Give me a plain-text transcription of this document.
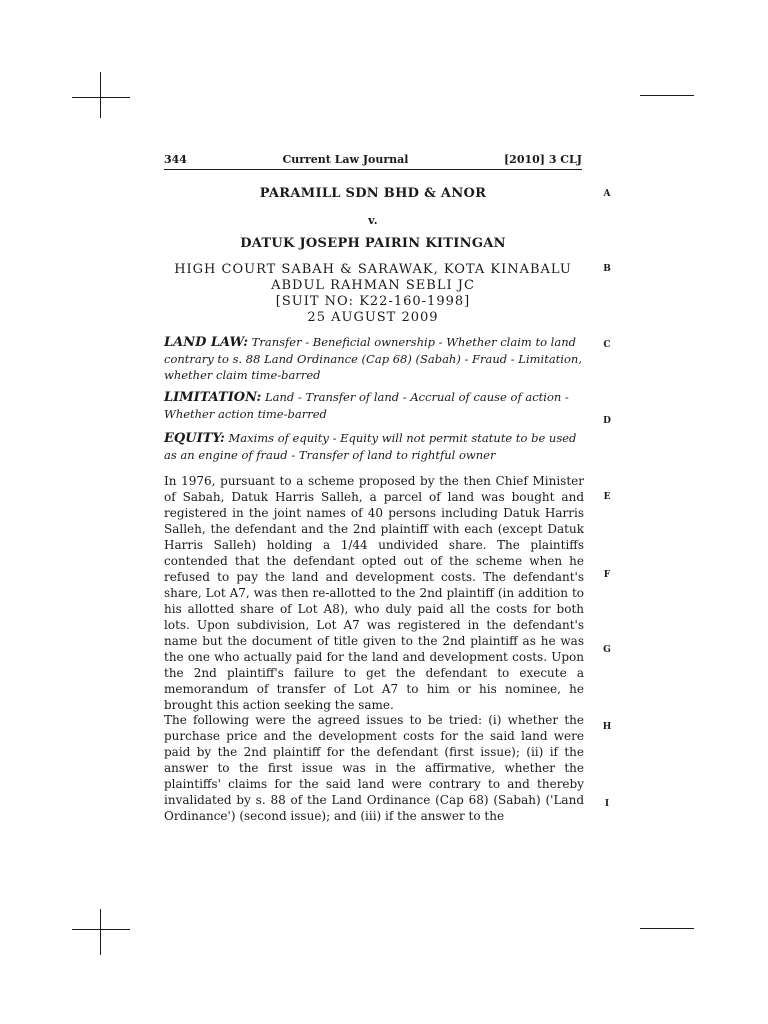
344	Current Law Journal	[2010] 3 CLJ
PARAMILL SDN BHD & ANOR
v.
DATUK JOSEPH PAIRIN KITINGAN
HIGH COURT SABAH & SARAWAK, KOTA KINABALU
ABDUL RAHMAN SEBLI JC
[SUIT NO: K22-160-1998]
25 AUGUST 2009
LAND LAW: Transfer - Beneficial ownership - Whether claim to land contrary to s. 88 Land Ordinance (Cap 68) (Sabah) - Fraud - Limitation, whether claim time-barred
LIMITATION: Land - Transfer of land - Accrual of cause of action - Whether action time-barred
EQUITY: Maxims of equity - Equity will not permit statute to be used as an engine of fraud - Transfer of land to rightful owner
In 1976, pursuant to a scheme proposed by the then Chief Minister of Sabah, Datuk Harris Salleh, a parcel of land was bought and registered in the joint names of 40 persons including Datuk Harris Salleh, the defendant and the 2nd plaintiff with each (except Datuk Harris Salleh) holding a 1/44 undivided share. The plaintiffs contended that the defendant opted out of the scheme when he refused to pay the land and development costs. The defendant's share, Lot A7, was then re-allotted to the 2nd plaintiff (in addition to his allotted share of Lot A8), who duly paid all the costs for both lots. Upon subdivision, Lot A7 was registered in the defendant's name but the document of title given to the 2nd plaintiff as he was the one who actually paid for the land and development costs. Upon the 2nd plaintiff's failure to get the defendant to execute a memorandum of transfer of Lot A7 to him or his nominee, he brought this action seeking the same.
The following were the agreed issues to be tried: (i) whether the purchase price and the development costs for the said land were paid by the 2nd plaintiff for the defendant (first issue); (ii) if the answer to the first issue was in the affirmative, whether the plaintiffs' claims for the said land were contrary to and thereby invalidated by s. 88 of the Land Ordinance (Cap 68) (Sabah) ('Land Ordinance') (second issue); and (iii) if the answer to the
A
B
C
D
E
F
G
H
I
